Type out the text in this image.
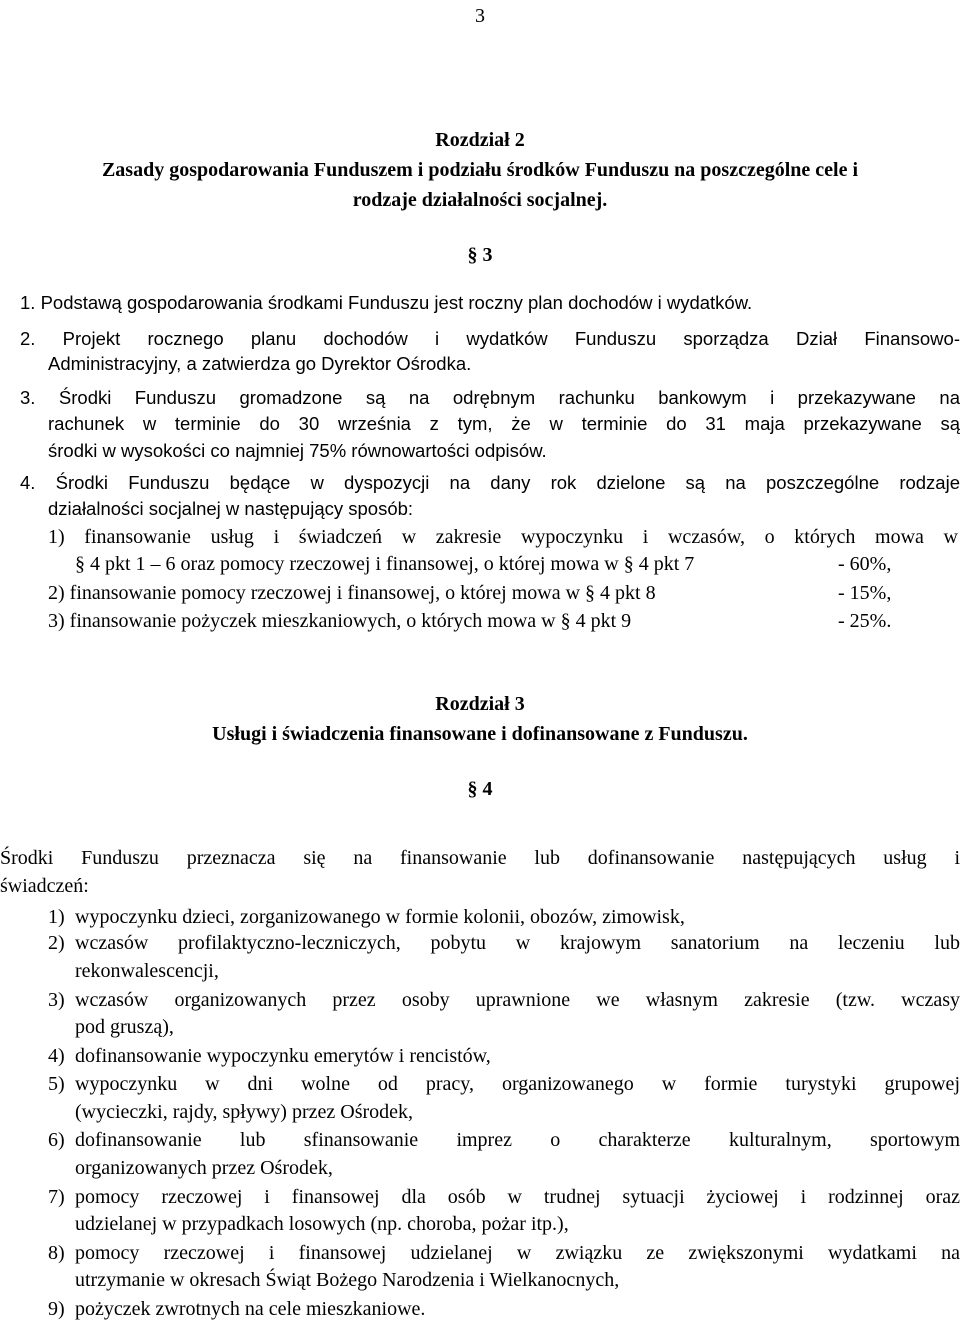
3
Rozdział 2
Zasady gospodarowania Funduszem i podziału środków Funduszu na poszczególne cele i
rodzaje działalności socjalnej.
§ 3
1. Podstawą gospodarowania środkami Funduszu jest roczny plan dochodów i wydatków.
2. Projekt rocznego planu dochodów i wydatków Funduszu sporządza Dział Finansowo-
Administracyjny, a zatwierdza go Dyrektor Ośrodka.
3. Środki Funduszu gromadzone są na odrębnym rachunku bankowym i przekazywane na
rachunek w terminie do 30 września z tym, że w terminie do 31 maja przekazywane są
środki w wysokości co najmniej 75% równowartości odpisów.
4. Środki Funduszu będące w dyspozycji na dany rok dzielone są na poszczególne rodzaje
działalności socjalnej w następujący sposób:
1) finansowanie usług i świadczeń w zakresie wypoczynku i wczasów, o których mowa w
§ 4 pkt 1 – 6 oraz pomocy rzeczowej i finansowej, o której mowa w § 4 pkt 7	- 60%,
2) finansowanie pomocy rzeczowej i finansowej, o której mowa w § 4 pkt 8	- 15%,
3) finansowanie pożyczek mieszkaniowych, o których mowa w § 4 pkt 9	- 25%.
Rozdział 3
Usługi i świadczenia finansowane i dofinansowane z Funduszu.
§ 4
Środki Funduszu przeznacza się na finansowanie lub dofinansowanie następujących usług i
świadczeń:
1) wypoczynku dzieci, zorganizowanego w formie kolonii, obozów, zimowisk,
2) wczasów profilaktyczno-leczniczych, pobytu w krajowym sanatorium na leczeniu lub
rekonwalescencji,
3) wczasów organizowanych przez osoby uprawnione we własnym zakresie (tzw. wczasy
pod gruszą),
4) dofinansowanie wypoczynku emerytów i rencistów,
5) wypoczynku w dni wolne od pracy, organizowanego w formie turystyki grupowej
(wycieczki, rajdy, spływy) przez Ośrodek,
6) dofinansowanie lub sfinansowanie imprez o charakterze kulturalnym, sportowym
organizowanych przez Ośrodek,
7) pomocy rzeczowej i finansowej dla osób w trudnej sytuacji życiowej i rodzinnej oraz
udzielanej w przypadkach losowych (np. choroba, pożar itp.),
8) pomocy rzeczowej i finansowej udzielanej w związku ze zwiększonymi wydatkami na
utrzymanie w okresach Świąt Bożego Narodzenia i Wielkanocnych,
9) pożyczek zwrotnych na cele mieszkaniowe.
